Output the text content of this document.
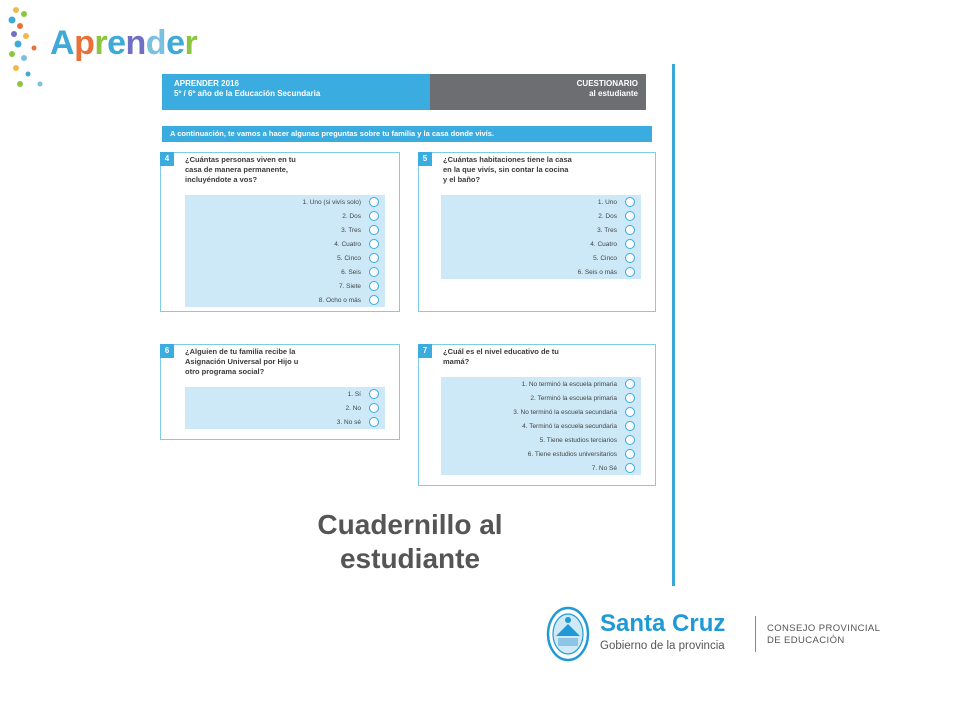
Aprender
APRENDER 2016
5º / 6º año de la Educación Secundaria
CUESTIONARIO
al estudiante
A continuación, te vamos a hacer algunas preguntas sobre tu familia y la casa donde vivís.
4	¿Cuántas personas viven en tu
casa de manera permanente,
incluyéndote a vos?
1. Uno (si vivís solo)
2. Dos
3. Tres
4. Cuatro
5. Cinco
6. Seis
7. Siete
8. Ocho o más
5	¿Cuántas habitaciones tiene la casa
en la que vivís, sin contar la cocina
y el baño?
1. Uno
2. Dos
3. Tres
4. Cuatro
5. Cinco
6. Seis o más
6	¿Alguien de tu familia recibe la
Asignación Universal por Hijo u
otro programa social?
1. Sí
2. No
3. No sé
7	¿Cuál es el nivel educativo de tu
mamá?
1. No terminó la escuela primaria
2. Terminó la escuela primaria
3. No terminó la escuela secundaria
4. Terminó la escuela secundaria
5. Tiene estudios terciarios
6. Tiene estudios universitarios
7. No Sé
Cuadernillo al
estudiante
Santa Cruz
Gobierno de la provincia
CONSEJO PROVINCIAL
DE EDUCACIÓN
